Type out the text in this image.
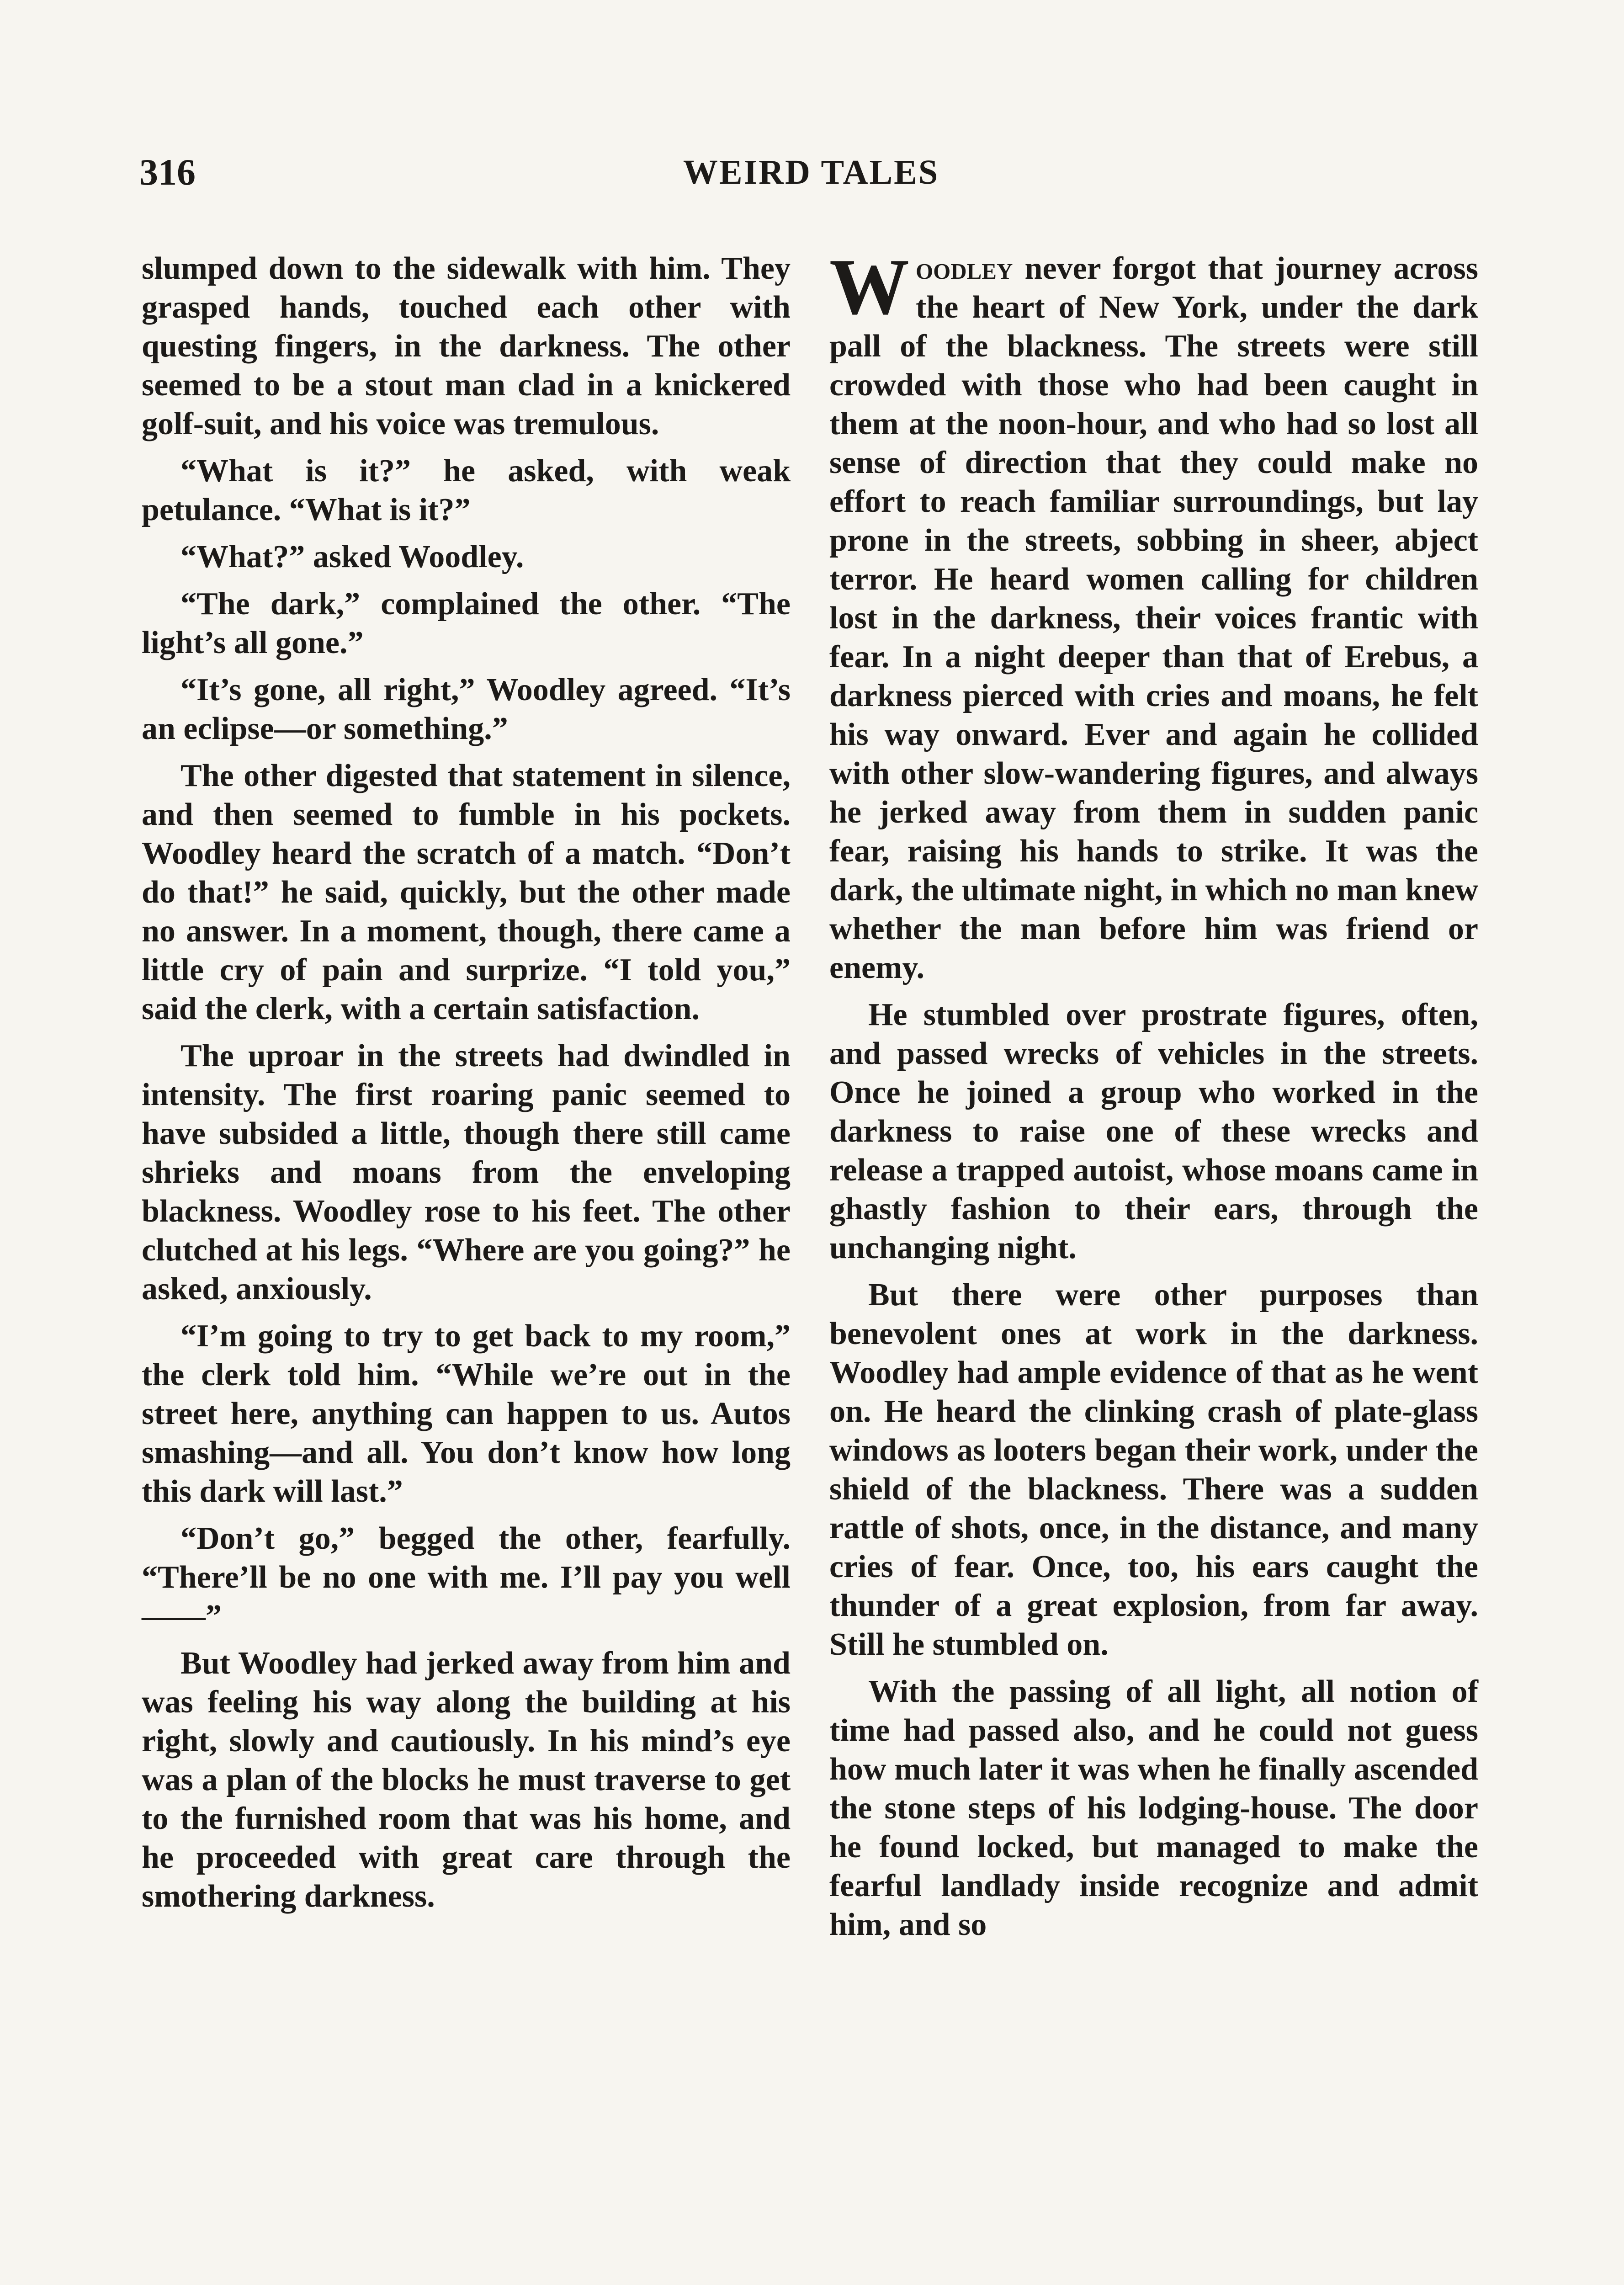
316	WEIRD TALES

slumped down to the sidewalk with him. They grasped hands, touched each other with questing fingers, in the darkness. The other seemed to be a stout man clad in a knickered golf-suit, and his voice was tremulous.

“What is it?” he asked, with weak petulance. “What is it?”

“What?” asked Woodley.

“The dark,” complained the other. “The light’s all gone.”

“It’s gone, all right,” Woodley agreed. “It’s an eclipse—or something.”

The other digested that statement in silence, and then seemed to fumble in his pockets. Woodley heard the scratch of a match. “Don’t do that!” he said, quickly, but the other made no answer. In a moment, though, there came a little cry of pain and surprize. “I told you,” said the clerk, with a certain satisfaction.

The uproar in the streets had dwindled in intensity. The first roaring panic seemed to have subsided a little, though there still came shrieks and moans from the enveloping blackness. Woodley rose to his feet. The other clutched at his legs. “Where are you going?” he asked, anxiously.

“I’m going to try to get back to my room,” the clerk told him. “While we’re out in the street here, anything can happen to us. Autos smashing—and all. You don’t know how long this dark will last.”

“Don’t go,” begged the other, fearfully. “There’ll be no one with me. I’ll pay you well——”

But Woodley had jerked away from him and was feeling his way along the building at his right, slowly and cautiously. In his mind’s eye was a plan of the blocks he must traverse to get to the furnished room that was his home, and he proceeded with great care through the smothering darkness.

Woodley never forgot that journey across the heart of New York, under the dark pall of the blackness. The streets were still crowded with those who had been caught in them at the noon-hour, and who had so lost all sense of direction that they could make no effort to reach familiar surroundings, but lay prone in the streets, sobbing in sheer, abject terror. He heard women calling for children lost in the darkness, their voices frantic with fear. In a night deeper than that of Erebus, a darkness pierced with cries and moans, he felt his way onward. Ever and again he collided with other slow-wandering figures, and always he jerked away from them in sudden panic fear, raising his hands to strike. It was the dark, the ultimate night, in which no man knew whether the man before him was friend or enemy.

He stumbled over prostrate figures, often, and passed wrecks of vehicles in the streets. Once he joined a group who worked in the darkness to raise one of these wrecks and release a trapped autoist, whose moans came in ghastly fashion to their ears, through the unchanging night.

But there were other purposes than benevolent ones at work in the darkness. Woodley had ample evidence of that as he went on. He heard the clinking crash of plate-glass windows as looters began their work, under the shield of the blackness. There was a sudden rattle of shots, once, in the distance, and many cries of fear. Once, too, his ears caught the thunder of a great explosion, from far away. Still he stumbled on.

With the passing of all light, all notion of time had passed also, and he could not guess how much later it was when he finally ascended the stone steps of his lodging-house. The door he found locked, but managed to make the fearful landlady inside recognize and admit him, and so
